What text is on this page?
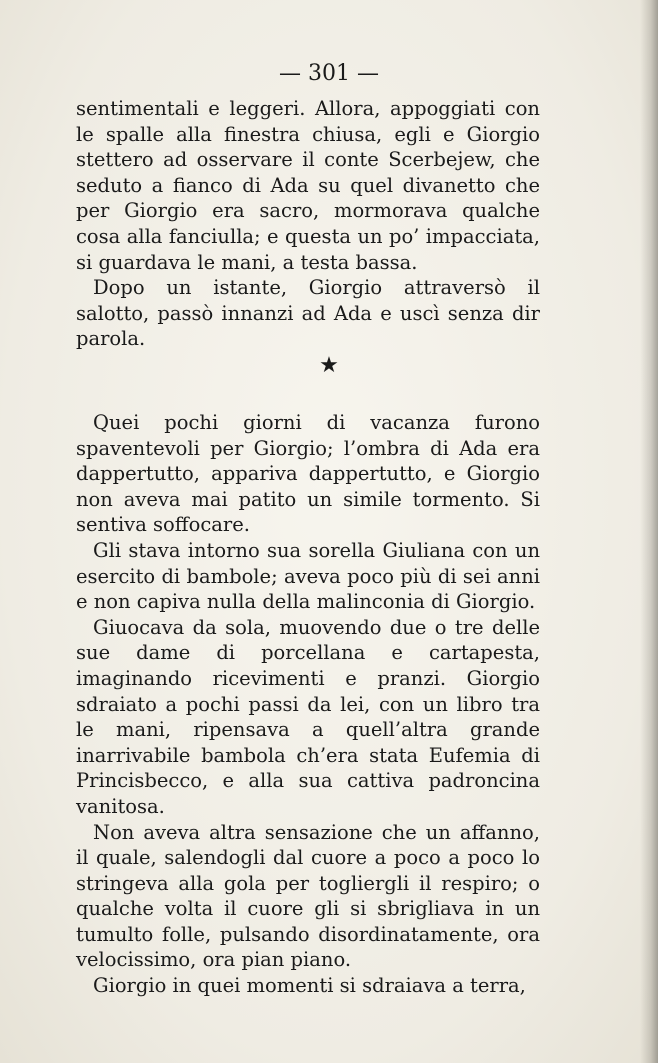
— 301 —

sentimentali e leggeri. Allora, appoggiati con le spalle alla finestra chiusa, egli e Giorgio stettero ad osservare il conte Scerbejew, che seduto a fianco di Ada su quel divanetto che per Giorgio era sacro, mormorava qualche cosa alla fanciulla; e questa un po’ impacciata, si guardava le mani, a testa bassa.

Dopo un istante, Giorgio attraversò il salotto, passò innanzi ad Ada e uscì senza dir parola.

★

Quei pochi giorni di vacanza furono spaventevoli per Giorgio; l’ombra di Ada era dappertutto, appariva dappertutto, e Giorgio non aveva mai patito un simile tormento. Si sentiva soffocare.

Gli stava intorno sua sorella Giuliana con un esercito di bambole; aveva poco più di sei anni e non capiva nulla della malinconia di Giorgio.

Giuocava da sola, muovendo due o tre delle sue dame di porcellana e cartapesta, imaginando ricevimenti e pranzi. Giorgio sdraiato a pochi passi da lei, con un libro tra le mani, ripensava a quell’altra grande inarrivabile bambola ch’era stata Eufemia di Princisbecco, e alla sua cattiva padroncina vanitosa.

Non aveva altra sensazione che un affanno, il quale, salendogli dal cuore a poco a poco lo stringeva alla gola per togliergli il respiro; o qualche volta il cuore gli si sbrigliava in un tumulto folle, pulsando disordinatamente, ora velocissimo, ora pian piano.

Giorgio in quei momenti si sdraiava a terra,
